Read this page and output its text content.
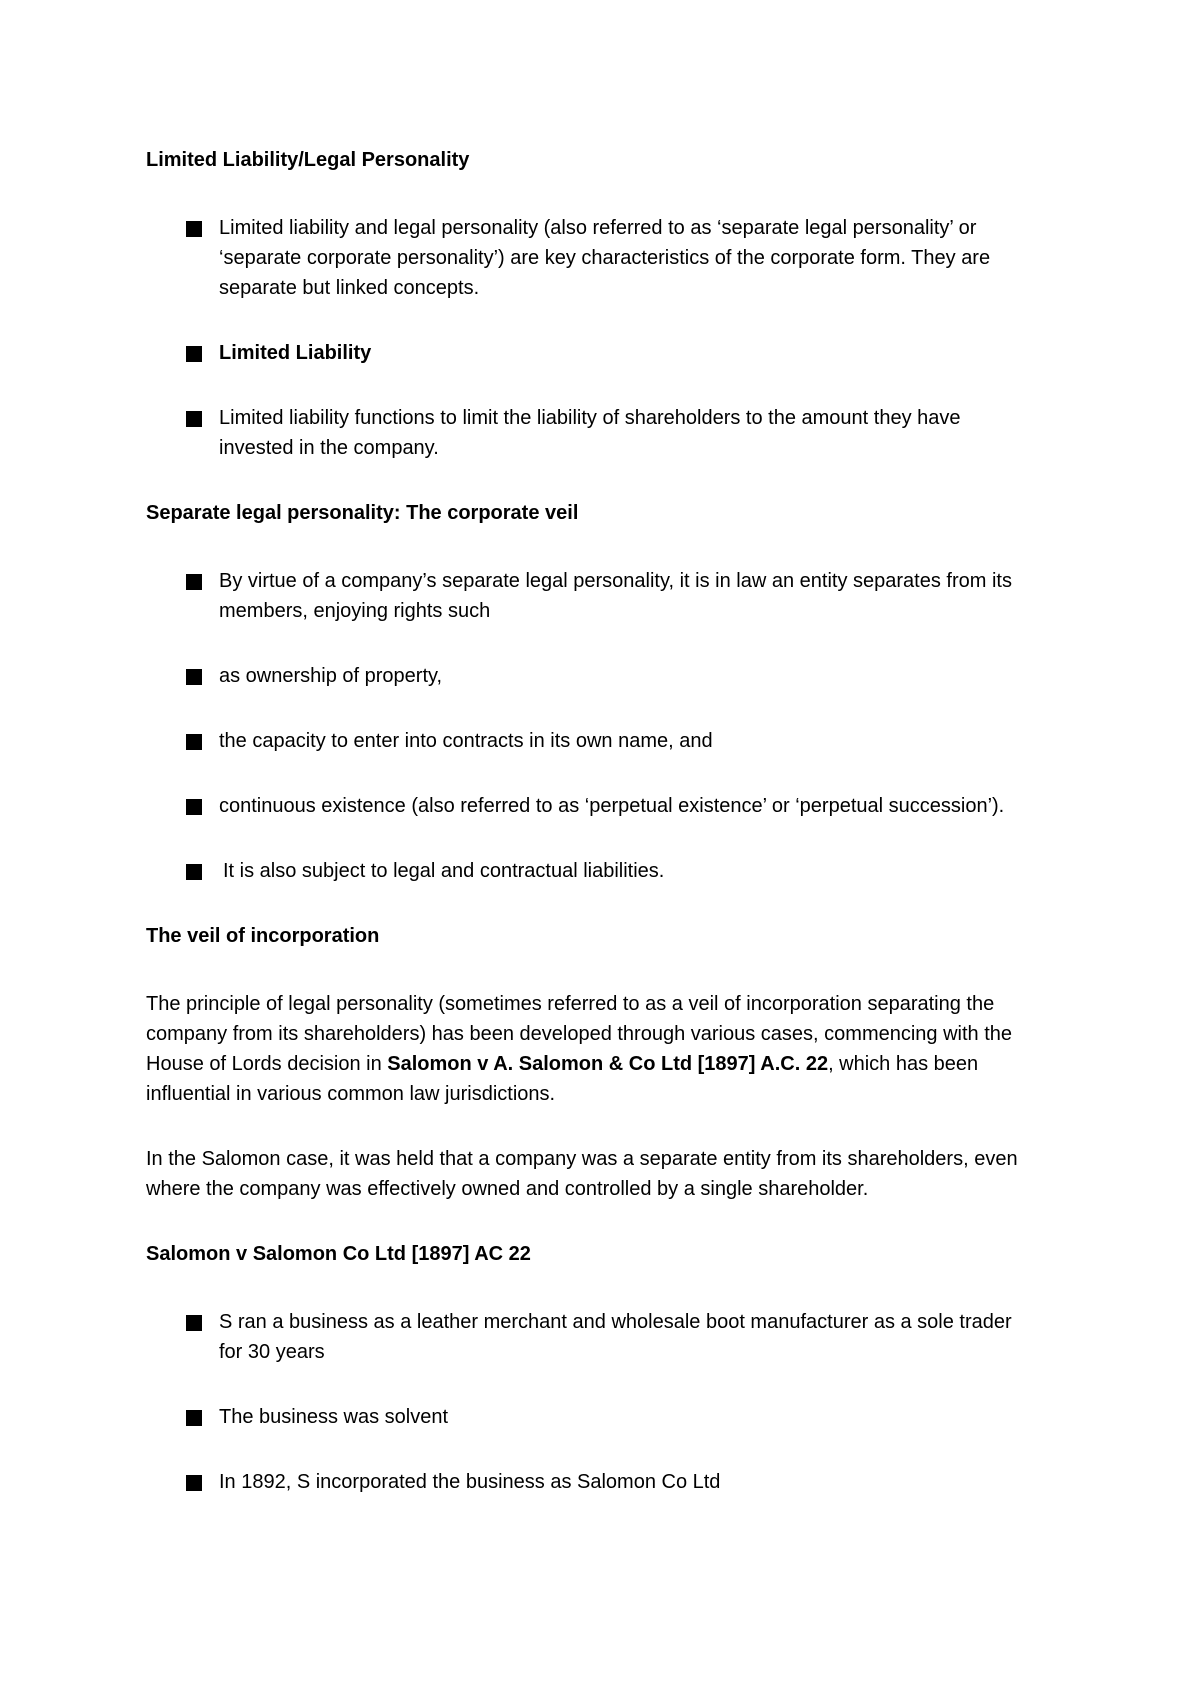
Limited Liability/Legal Personality

Limited liability and legal personality (also referred to as ‘separate legal personality’ or ‘separate corporate personality’) are key characteristics of the corporate form. They are separate but linked concepts.
Limited Liability
Limited liability functions to limit the liability of shareholders to the amount they have invested in the company.

Separate legal personality: The corporate veil

By virtue of a company’s separate legal personality, it is in law an entity separates from its members, enjoying rights such
as ownership of property,
the capacity to enter into contracts in its own name, and
continuous existence (also referred to as ‘perpetual existence’ or ‘perpetual succession’).
It is also subject to legal and contractual liabilities.

The veil of incorporation

The principle of legal personality (sometimes referred to as a veil of incorporation separating the company from its shareholders) has been developed through various cases, commencing with the House of Lords decision in Salomon v A. Salomon & Co Ltd [1897] A.C. 22, which has been influential in various common law jurisdictions.

In the Salomon case, it was held that a company was a separate entity from its shareholders, even where the company was effectively owned and controlled by a single shareholder.

Salomon v Salomon Co Ltd [1897] AC 22

S ran a business as a leather merchant and wholesale boot manufacturer as a sole trader for 30 years
The business was solvent
In 1892, S incorporated the business as Salomon Co Ltd
